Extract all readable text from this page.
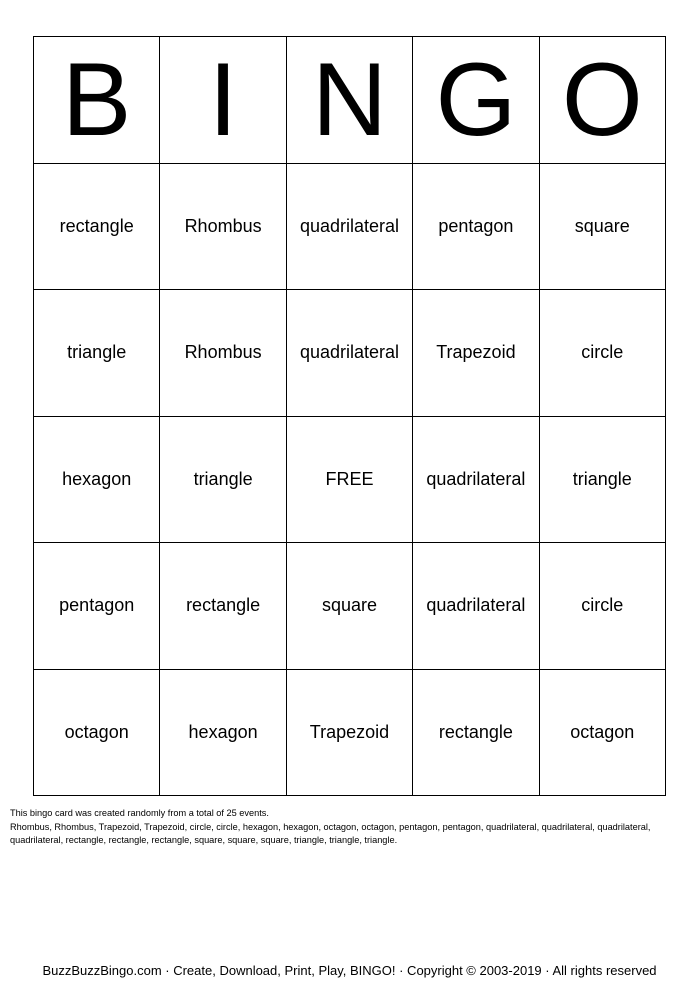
B I N G O
rectangle	Rhombus	quadrilateral	pentagon	square
triangle	Rhombus	quadrilateral	Trapezoid	circle
hexagon	triangle	FREE	quadrilateral	triangle
pentagon	rectangle	square	quadrilateral	circle
octagon	hexagon	Trapezoid	rectangle	octagon
This bingo card was created randomly from a total of 25 events.
Rhombus, Rhombus, Trapezoid, Trapezoid, circle, circle, hexagon, hexagon, octagon, octagon, pentagon, pentagon, quadrilateral, quadrilateral, quadrilateral, quadrilateral, rectangle, rectangle, rectangle, square, square, square, triangle, triangle, triangle.
BuzzBuzzBingo.com · Create, Download, Print, Play, BINGO! · Copyright © 2003-2019 · All rights reserved
